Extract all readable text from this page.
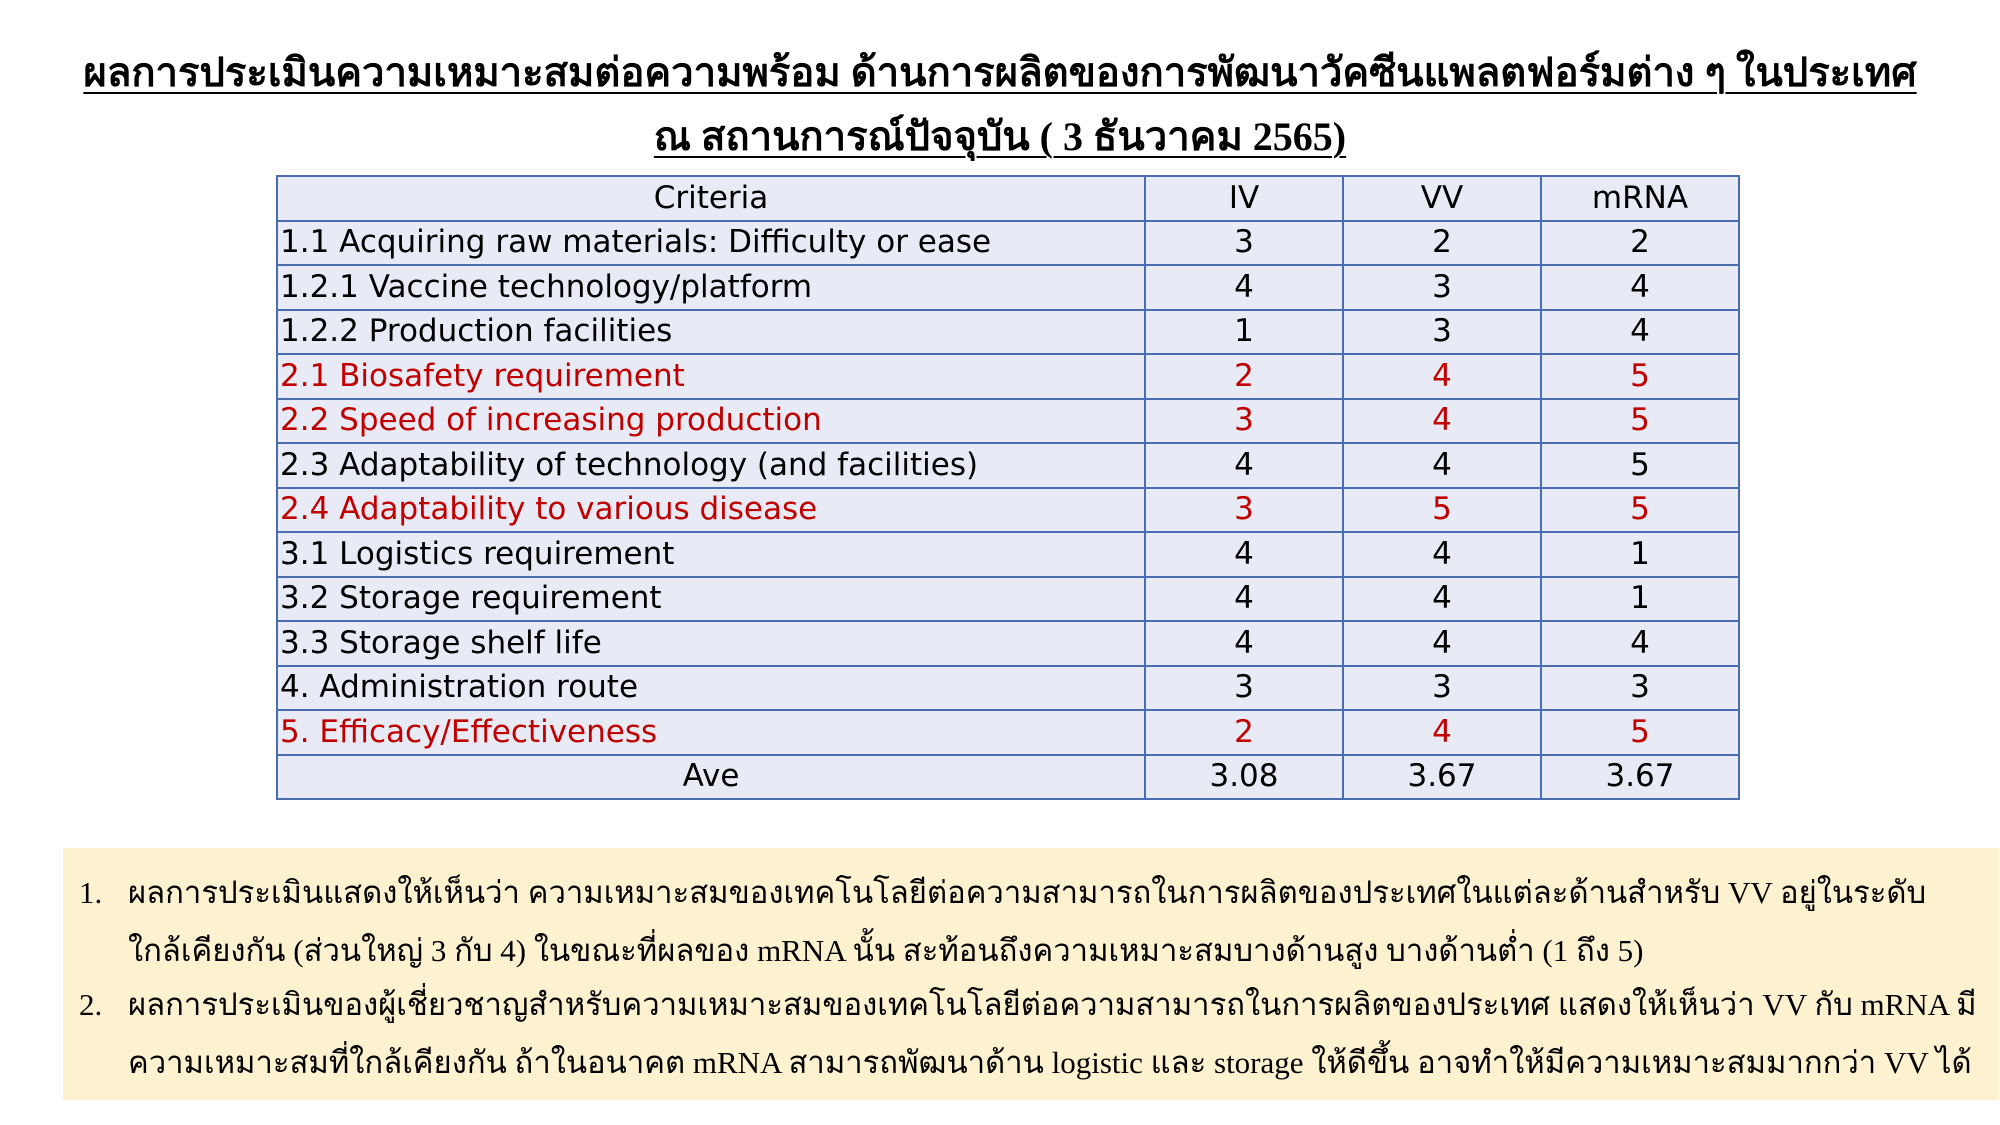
ผลการประเมินความเหมาะสมต่อความพร้อม ด้านการผลิตของการพัฒนาวัคซีนแพลตฟอร์มต่าง ๆ ในประเทศ
ณ สถานการณ์ปัจจุบัน ( 3 ธันวาคม 2565)
Criteria	IV	VV	mRNA
1.1 Acquiring raw materials: Difficulty or ease	3	2	2
1.2.1 Vaccine technology/platform	4	3	4
1.2.2 Production facilities	1	3	4
2.1 Biosafety requirement	2	4	5
2.2 Speed of increasing production	3	4	5
2.3 Adaptability of technology (and facilities)	4	4	5
2.4 Adaptability to various disease	3	5	5
3.1 Logistics requirement	4	4	1
3.2 Storage requirement	4	4	1
3.3 Storage shelf life	4	4	4
4. Administration route	3	3	3
5. Efficacy/Effectiveness	2	4	5
Ave	3.08	3.67	3.67
1. ผลการประเมินแสดงให้เห็นว่า ความเหมาะสมของเทคโนโลยีต่อความสามารถในการผลิตของประเทศในแต่ละด้านสำหรับ VV อยู่ในระดับ
ใกล้เคียงกัน (ส่วนใหญ่ 3 กับ 4) ในขณะที่ผลของ mRNA นั้น สะท้อนถึงความเหมาะสมบางด้านสูง บางด้านต่ำ (1 ถึง 5)
2. ผลการประเมินของผู้เชี่ยวชาญสำหรับความเหมาะสมของเทคโนโลยีต่อความสามารถในการผลิตของประเทศ แสดงให้เห็นว่า VV กับ mRNA มี
ความเหมาะสมที่ใกล้เคียงกัน ถ้าในอนาคต mRNA สามารถพัฒนาด้าน logistic และ storage ให้ดีขึ้น อาจทำให้มีความเหมาะสมมากกว่า VV ได้
